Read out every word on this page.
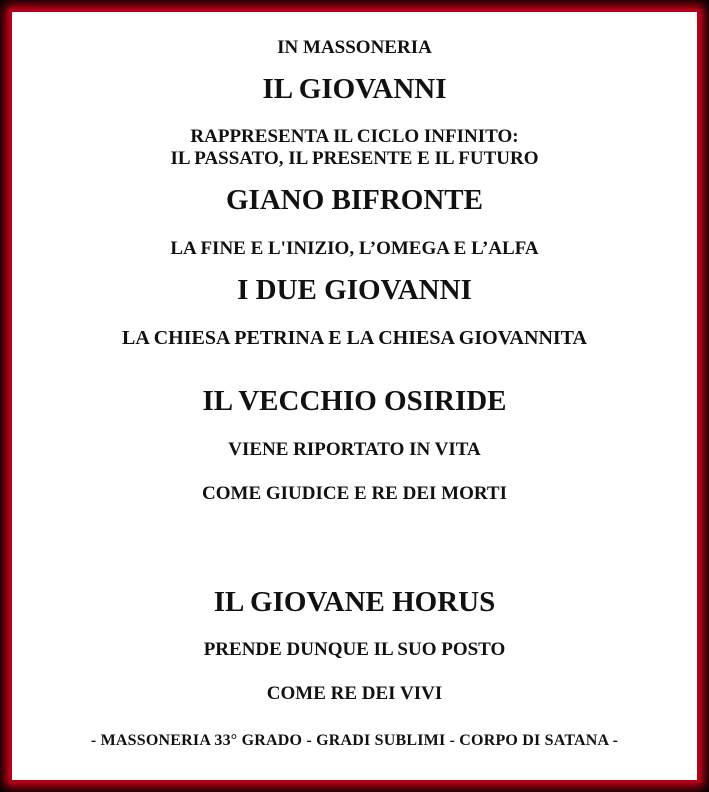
IN MASSONERIA
IL GIOVANNI
RAPPRESENTA IL CICLO INFINITO:
IL PASSATO, IL PRESENTE E IL FUTURO
GIANO BIFRONTE
LA FINE E L'INIZIO, L’OMEGA E L’ALFA
I DUE GIOVANNI
LA CHIESA PETRINA E LA CHIESA GIOVANNITA
IL VECCHIO OSIRIDE
VIENE RIPORTATO IN VITA
COME GIUDICE E RE DEI MORTI
IL GIOVANE HORUS
PRENDE DUNQUE IL SUO POSTO
COME RE DEI VIVI
- MASSONERIA 33° GRADO - GRADI SUBLIMI - CORPO DI SATANA -
